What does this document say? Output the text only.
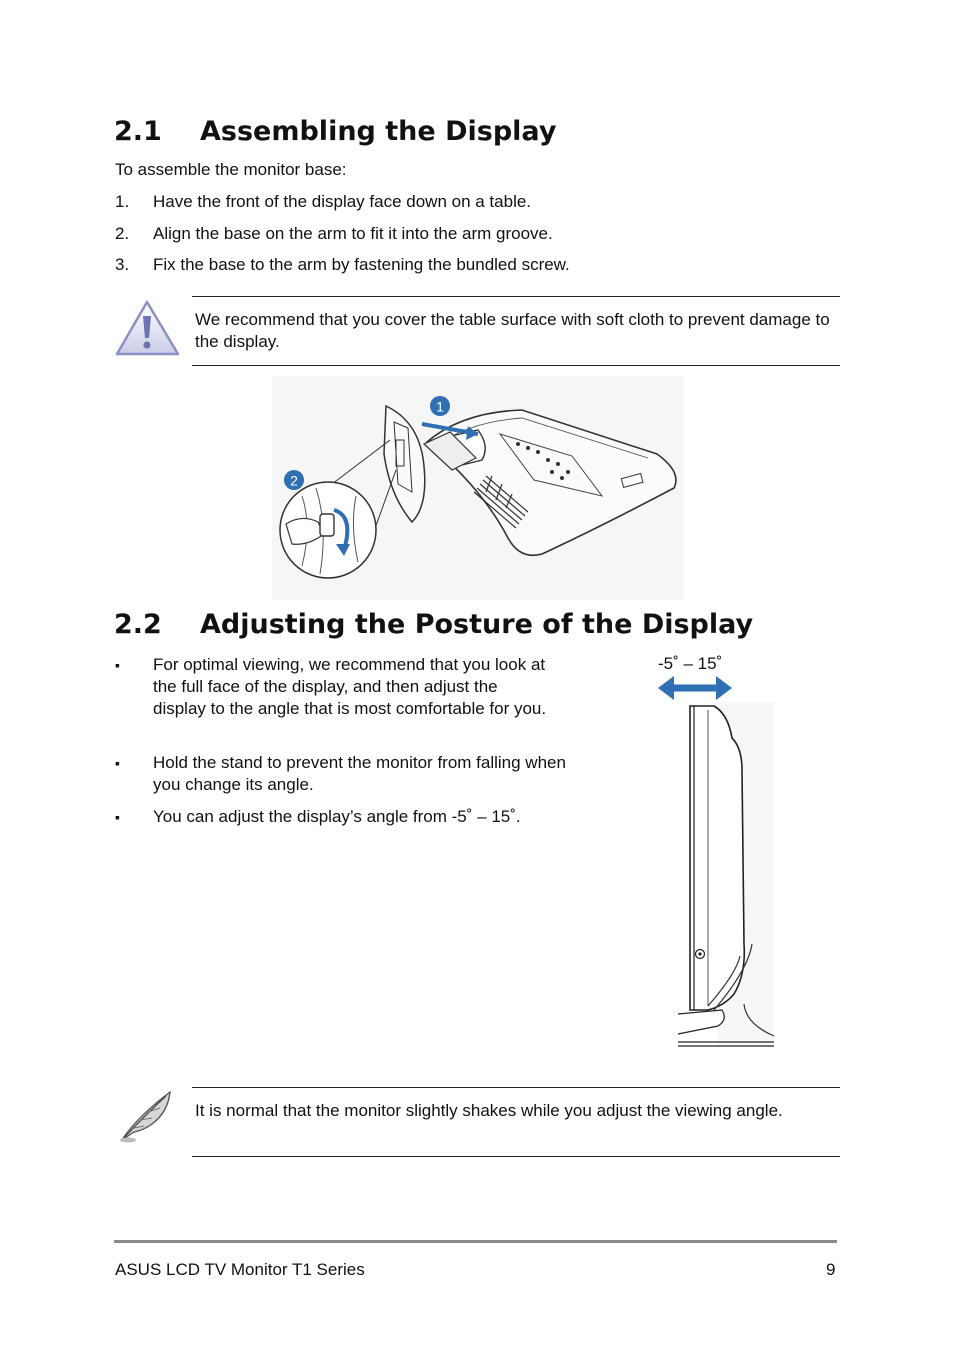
2.1 Assembling the Display
To assemble the monitor base:
1. Have the front of the display face down on a table.
2. Align the base on the arm to fit it into the arm groove.
3. Fix the base to the arm by fastening the bundled screw.
We recommend that you cover the table surface with soft cloth to prevent damage to the display.
1
2
2.2 Adjusting the Posture of the Display
▪ For optimal viewing, we recommend that you look at the full face of the display, and then adjust the display to the angle that is most comfortable for you.
▪ Hold the stand to prevent the monitor from falling when you change its angle.
▪ You can adjust the display’s angle from -5˚ – 15˚.
-5˚ – 15˚
It is normal that the monitor slightly shakes while you adjust the viewing angle.
ASUS LCD TV Monitor T1 Series	9
